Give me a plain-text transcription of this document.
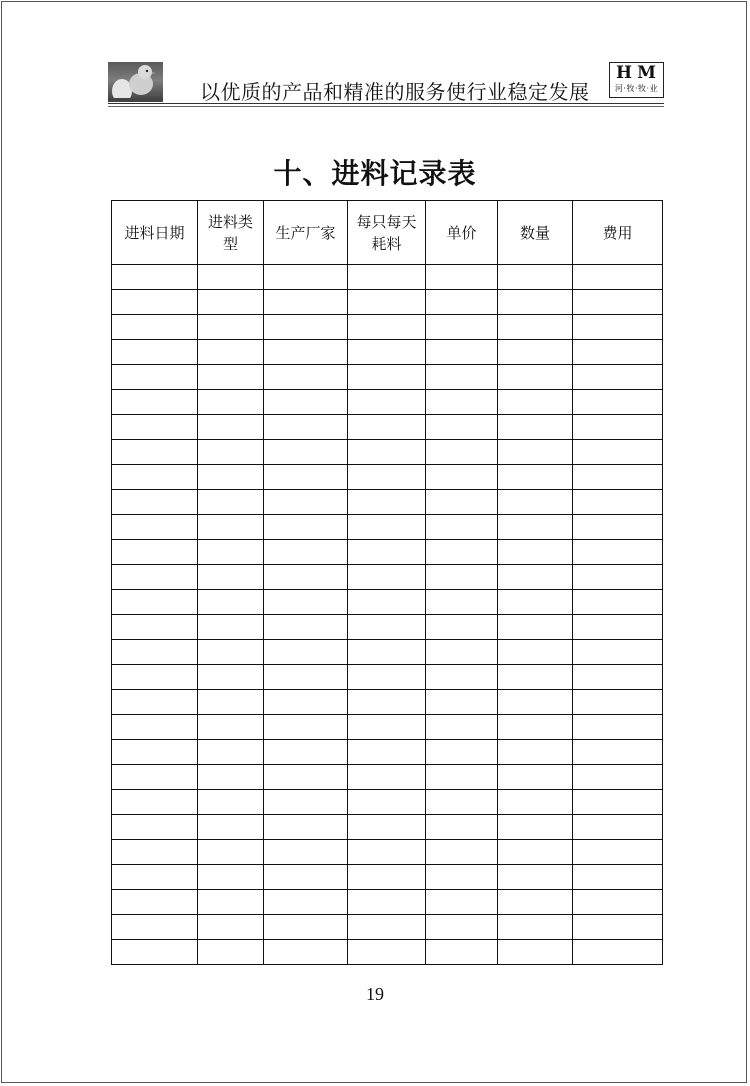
以优质的产品和精准的服务使行业稳定发展
HM
河·牧·牧·业
十、进料记录表
进料日期	进料类型	生产厂家	每只每天耗料	单价	数量	费用

19
